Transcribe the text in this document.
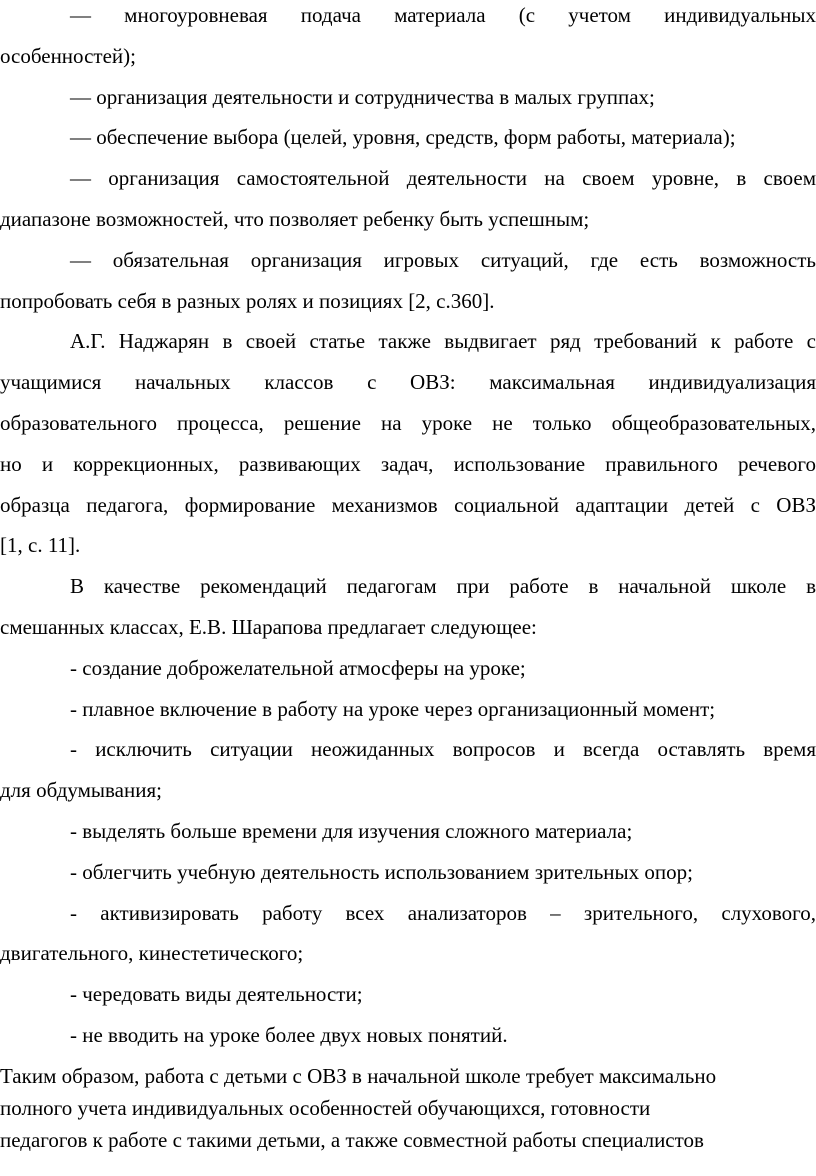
— многоуровневая подача материала (с учетом индивидуальных
особенностей);
— организация деятельности и сотрудничества в малых группах;
— обеспечение выбора (целей, уровня, средств, форм работы, материала);
— организация самостоятельной деятельности на своем уровне, в своем
диапазоне возможностей, что позволяет ребенку быть успешным;
— обязательная организация игровых ситуаций, где есть возможность
попробовать себя в разных ролях и позициях [2, с.360].
А.Г. Наджарян в своей статье также выдвигает ряд требований к работе с
учащимися начальных классов с ОВЗ: максимальная индивидуализация
образовательного процесса, решение на уроке не только общеобразовательных,
но и коррекционных, развивающих задач, использование правильного речевого
образца педагога, формирование механизмов социальной адаптации детей с ОВЗ
[1, с. 11].
В качестве рекомендаций педагогам при работе в начальной школе в
смешанных классах, Е.В. Шарапова предлагает следующее:
- создание доброжелательной атмосферы на уроке;
- плавное включение в работу на уроке через организационный момент;
- исключить ситуации неожиданных вопросов и всегда оставлять время
для обдумывания;
- выделять больше времени для изучения сложного материала;
- облегчить учебную деятельность использованием зрительных опор;
- активизировать работу всех анализаторов – зрительного, слухового,
двигательного, кинестетического;
- чередовать виды деятельности;
- не вводить на уроке более двух новых понятий.
Таким образом, работа с детьми с ОВЗ в начальной школе требует максимально
полного учета индивидуальных особенностей обучающихся, готовности
педагогов к работе с такими детьми, а также совместной работы специалистов
